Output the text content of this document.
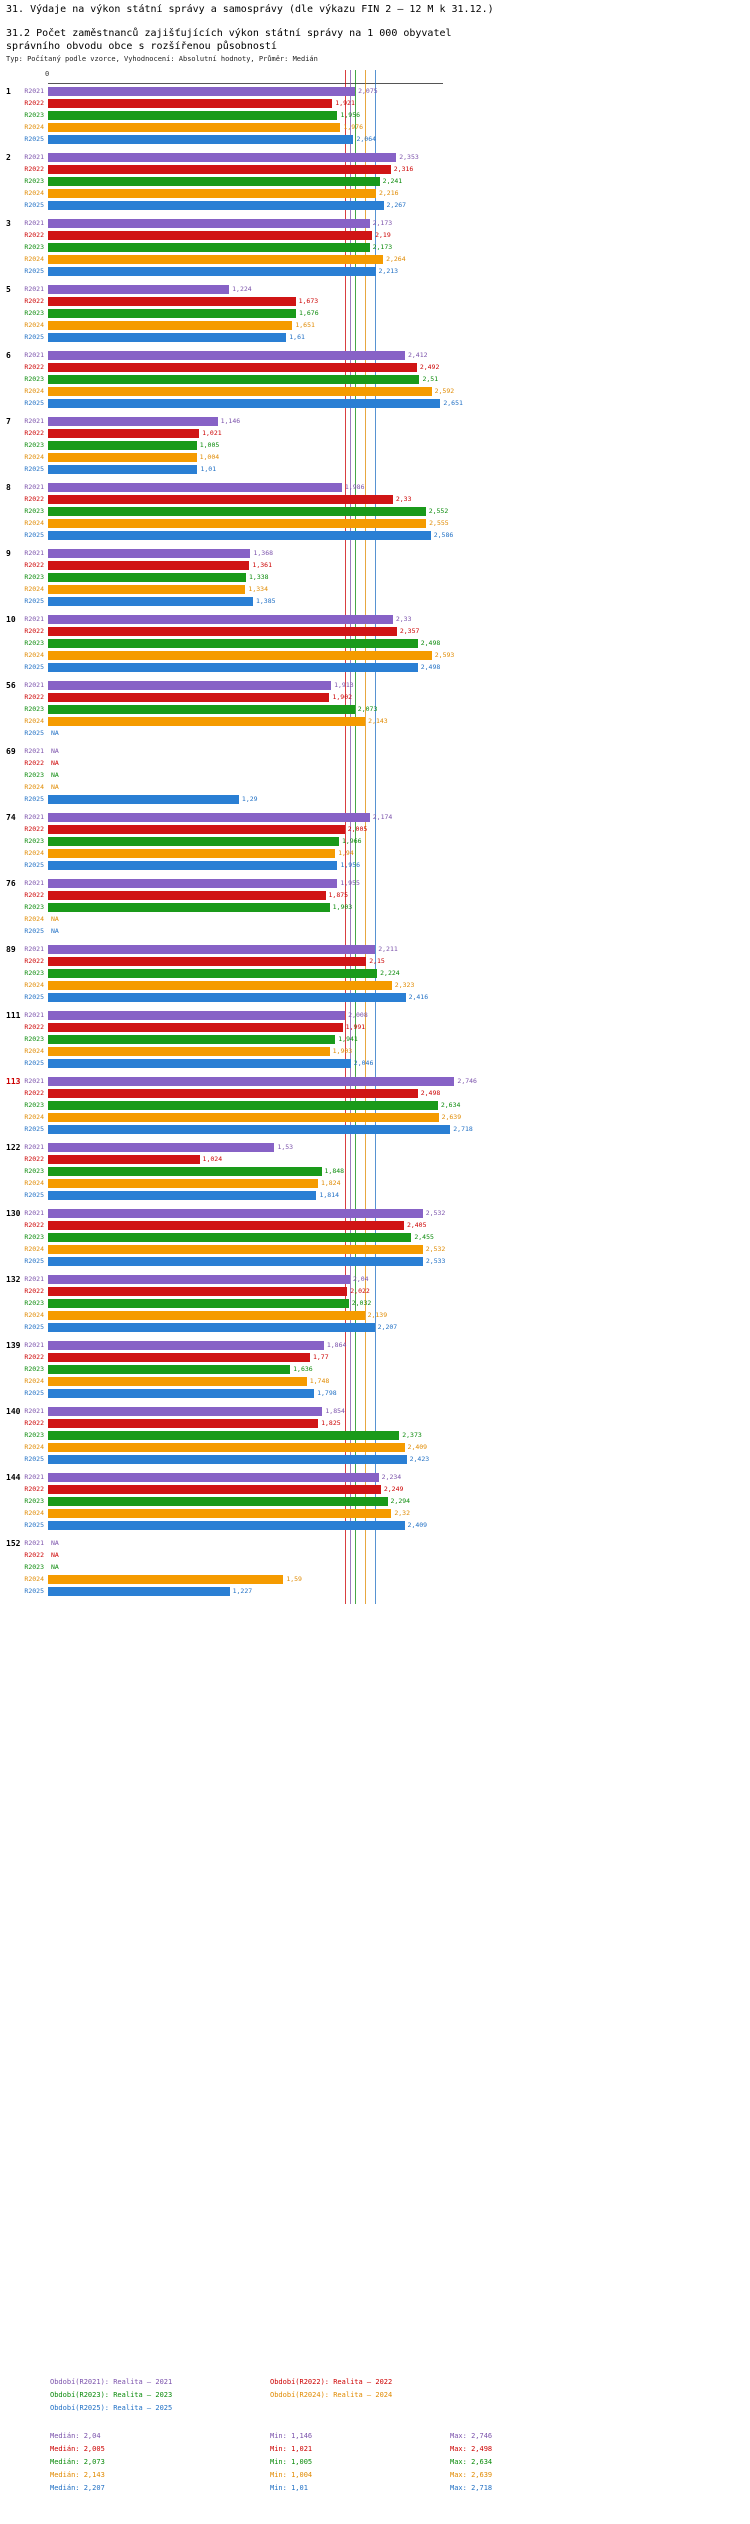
31. Výdaje na výkon státní správy a samosprávy (dle výkazu FIN 2 – 12 M k 31.12.)
31.2 Počet zaměstnanců zajišťujících výkon státní správy na 1 000 obyvatel správního obvodu obce s rozšířenou působností
Typ: Počítaný podle vzorce, Vyhodnocení: Absolutní hodnoty, Průměr: Medián
0
1 R2021	2,075
R2022	1,921
R2023	1,956
R2024	1,976
R2025	2,064
2 R2021	2,353
R2022	2,316
R2023	2,241
R2024	2,216
R2025	2,267
3 R2021	2,173
R2022	2,19
R2023	2,173
R2024	2,264
R2025	2,213
5 R2021	1,224
R2022	1,673
R2023	1,676
R2024	1,651
R2025	1,61
6 R2021	2,412
R2022	2,492
R2023	2,51
R2024	2,592
R2025	2,651
7 R2021	1,146
R2022	1,021
R2023	1,005
R2024	1,004
R2025	1,01
8 R2021	1,986
R2022	2,33
R2023	2,552
R2024	2,555
R2025	2,586
9 R2021	1,368
R2022	1,361
R2023	1,338
R2024	1,334
R2025	1,385
10 R2021	2,33
R2022	2,357
R2023	2,498
R2024	2,593
R2025	2,498
56 R2021	1,913
R2022	1,902
R2023	2,073
R2024	2,143
R2025 NA
69 R2021 NA
R2022 NA
R2023 NA
R2024 NA
R2025	1,29
74 R2021	2,174
R2022	2,005
R2023	1,966
R2024	1,94
R2025	1,956
76 R2021	1,955
R2022	1,875
R2023	1,903
R2024 NA
R2025 NA
89 R2021	2,211
R2022	2,15
R2023	2,224
R2024	2,323
R2025	2,416
111 R2021	2,008
R2022	1,991
R2023	1,941
R2024	1,903
R2025	2,046
113 R2021	2,746
R2022	2,498
R2023	2,634
R2024	2,639
R2025	2,718
122 R2021	1,53
R2022	1,024
R2023	1,848
R2024	1,824
R2025	1,814
130 R2021	2,532
R2022	2,405
R2023	2,455
R2024	2,532
R2025	2,533
132 R2021	2,04
R2022	2,022
R2023	2,032
R2024	2,139
R2025	2,207
139 R2021	1,864
R2022	1,77
R2023	1,636
R2024	1,748
R2025	1,798
140 R2021	1,854
R2022	1,825
R2023	2,373
R2024	2,409
R2025	2,423
144 R2021	2,234
R2022	2,249
R2023	2,294
R2024	2,32
R2025	2,409
152 R2021 NA
R2022 NA
R2023 NA
R2024	1,59
R2025	1,227
Období(R2021): Realita – 2021	Období(R2022): Realita – 2022
Období(R2023): Realita – 2023	Období(R2024): Realita – 2024
Období(R2025): Realita – 2025
Medián: 2,04	Min: 1,146	Max: 2,746
Medián: 2,005	Min: 1,021	Max: 2,498
Medián: 2,073	Min: 1,005	Max: 2,634
Medián: 2,143	Min: 1,004	Max: 2,639
Medián: 2,207	Min: 1,01	Max: 2,718
